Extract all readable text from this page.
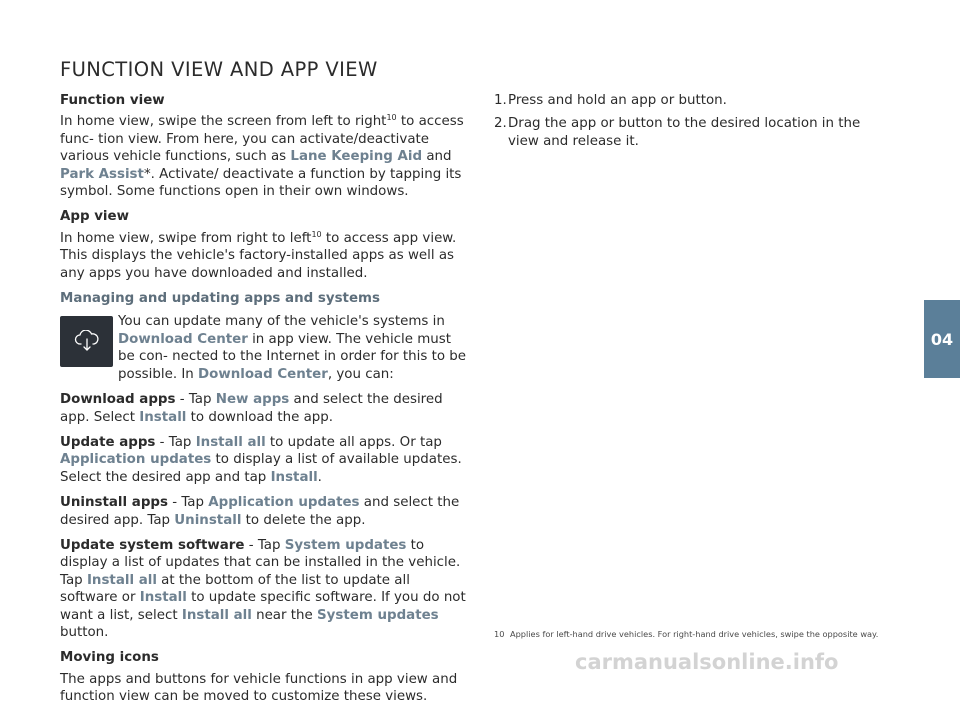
FUNCTION VIEW AND APP VIEW
Function view

In home view, swipe the screen from left to right$^{10}$ to access func- tion view. From here, you can activate/deactivate various vehicle functions, such as Lane Keeping Aid and Park Assist*. Activate/ deactivate a function by tapping its symbol. Some functions open in their own windows.

App view

In home view, swipe from right to left$^{10}$ to access app view. This displays the vehicle's factory-installed apps as well as any apps you have downloaded and installed.

Managing and updating apps and systems
You can update many of the vehicle's systems in Download Center in app view. The vehicle must be con- nected to the Internet in order for this to be possible. In Download Center, you can:

Download apps - Tap New apps and select the desired app. Select Install to download the app.

Update apps - Tap Install all to update all apps. Or tap Application updates to display a list of available updates. Select the desired app and tap Install.

Uninstall apps - Tap Application updates and select the desired app. Tap Uninstall to delete the app.

Update system software - Tap System updates to display a list of updates that can be installed in the vehicle. Tap Install all at the bottom of the list to update all software or Install to update specific software. If you do not want a list, select Install all near the System updates button.

Moving icons

The apps and buttons for vehicle functions in app view and function view can be moved to customize these views.

1. Press and hold an app or button.
2. Drag the app or button to the desired location in the view and release it.
10 Applies for left-hand drive vehicles. For right-hand drive vehicles, swipe the opposite way.
04
carmanualsonline.info
